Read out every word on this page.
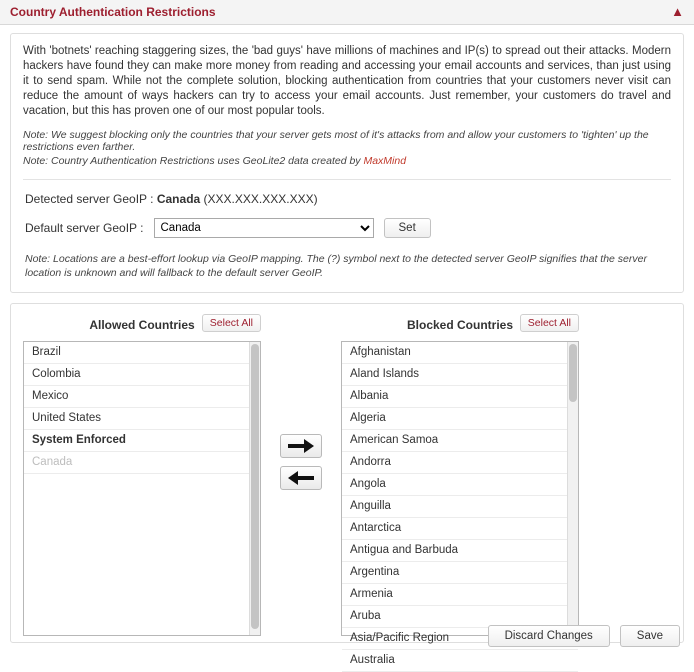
Country Authentication Restrictions	▲

With 'botnets' reaching staggering sizes, the 'bad guys' have millions of machines and IP(s) to spread out their attacks. Modern hackers have found they can make more money from reading and accessing your email accounts and services, than just using it to send spam. While not the complete solution, blocking authentication from countries that your customers never visit can reduce the amount of ways hackers can try to access your email accounts. Just remember, your customers do travel and vacation, but this has proven one of our most popular tools.

Note: We suggest blocking only the countries that your server gets most of it's attacks from and allow your customers to 'tighten' up the restrictions even farther.

Note: Country Authentication Restrictions uses GeoLite2 data created by MaxMind

Detected server GeoIP : Canada (XXX.XXX.XXX.XXX)
Default server GeoIP :
Canada	Set
Note: Locations are a best-effort lookup via GeoIP mapping. The (?) symbol next to the detected server GeoIP signifies that the server location is unknown and will fallback to the default server GeoIP.
Allowed Countries	Select All
Brazil
Colombia
Mexico
United States
System Enforced
Canada
Blocked Countries	Select All
Afghanistan
Aland Islands
Albania
Algeria
American Samoa
Andorra
Angola
Anguilla
Antarctica
Antigua and Barbuda
Argentina
Armenia
Aruba
Asia/Pacific Region
Australia
Discard Changes	Save
